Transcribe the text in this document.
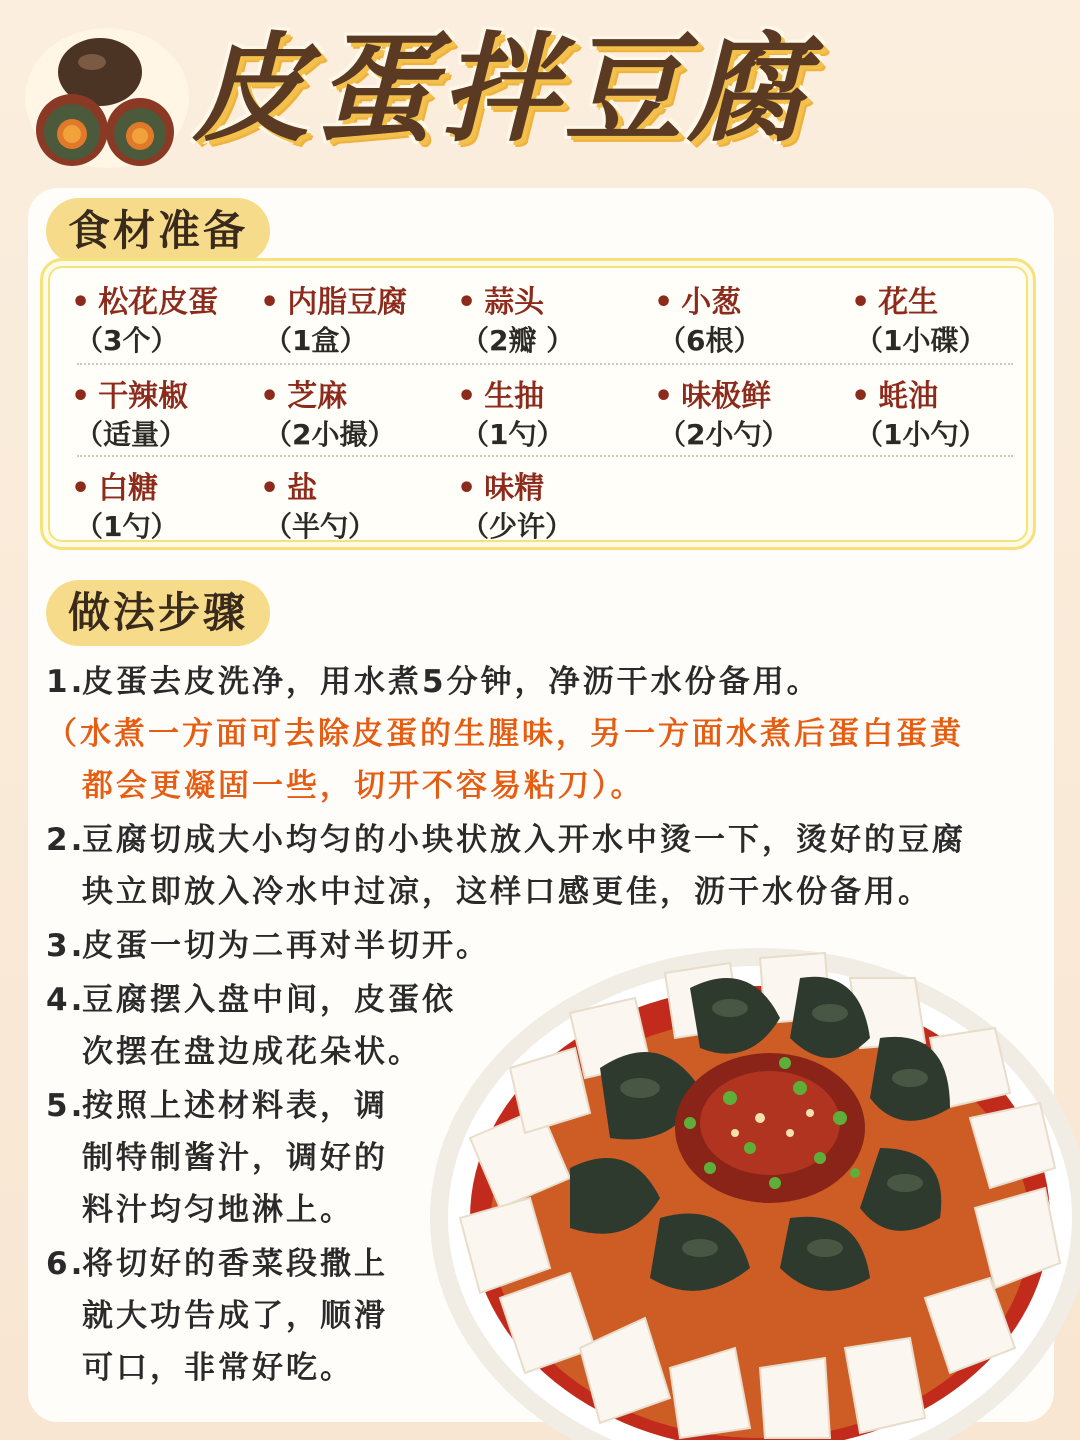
皮蛋拌豆腐
食材准备
• 松花皮蛋
（3个）
• 内脂豆腐
（1盒）
• 蒜头
（2瓣 ）
• 小葱
（6根）
• 花生
（1小碟）
• 干辣椒
（适量）
• 芝麻
（2小撮）
• 生抽
（1勺）
• 味极鲜
（2小勺）
• 蚝油
（1小勺）
• 白糖
（1勺）
• 盐
（半勺）
• 味精
（少许）
做法步骤
1.皮蛋去皮洗净，用水煮5分钟，净沥干水份备用。
（水煮一方面可去除皮蛋的生腥味，另一方面水煮后蛋白蛋黄
都会更凝固一些，切开不容易粘刀）。
2.豆腐切成大小均匀的小块状放入开水中烫一下，烫好的豆腐
块立即放入冷水中过凉，这样口感更佳，沥干水份备用。
3.皮蛋一切为二再对半切开。
4.豆腐摆入盘中间，皮蛋依
次摆在盘边成花朵状。
5.按照上述材料表，调
制特制酱汁，调好的
料汁均匀地淋上。
6.将切好的香菜段撒上
就大功告成了，顺滑
可口，非常好吃。
